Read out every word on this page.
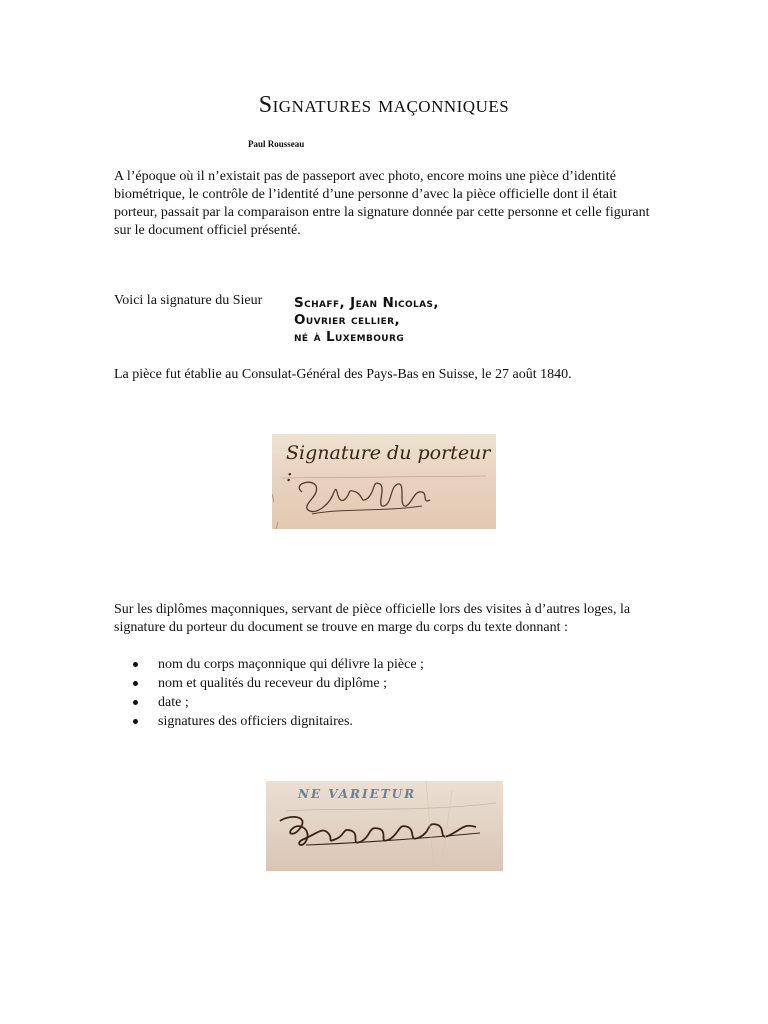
Signatures maçonniques
Paul Rousseau
A l’époque où il n’existait pas de passeport avec photo, encore moins une pièce d’identité biométrique, le contrôle de l’identité d’une personne d’avec la pièce officielle dont il était porteur, passait par la comparaison entre la signature donnée par cette personne et celle figurant sur le document officiel présenté.
Voici la signature du Sieur Schaff, Jean Nicolas,
Ouvrier cellier,
né à Luxembourg
La pièce fut établie au Consulat-Général des Pays-Bas en Suisse, le 27 août 1840.
Signature du porteur :
Sur les diplômes maçonniques, servant de pièce officielle lors des visites à d’autres loges, la signature du porteur du document se trouve en marge du corps du texte donnant :
nom du corps maçonnique qui délivre la pièce ;
nom et qualités du receveur du diplôme ;
date ;
signatures des officiers dignitaires.
NE VARIETUR
